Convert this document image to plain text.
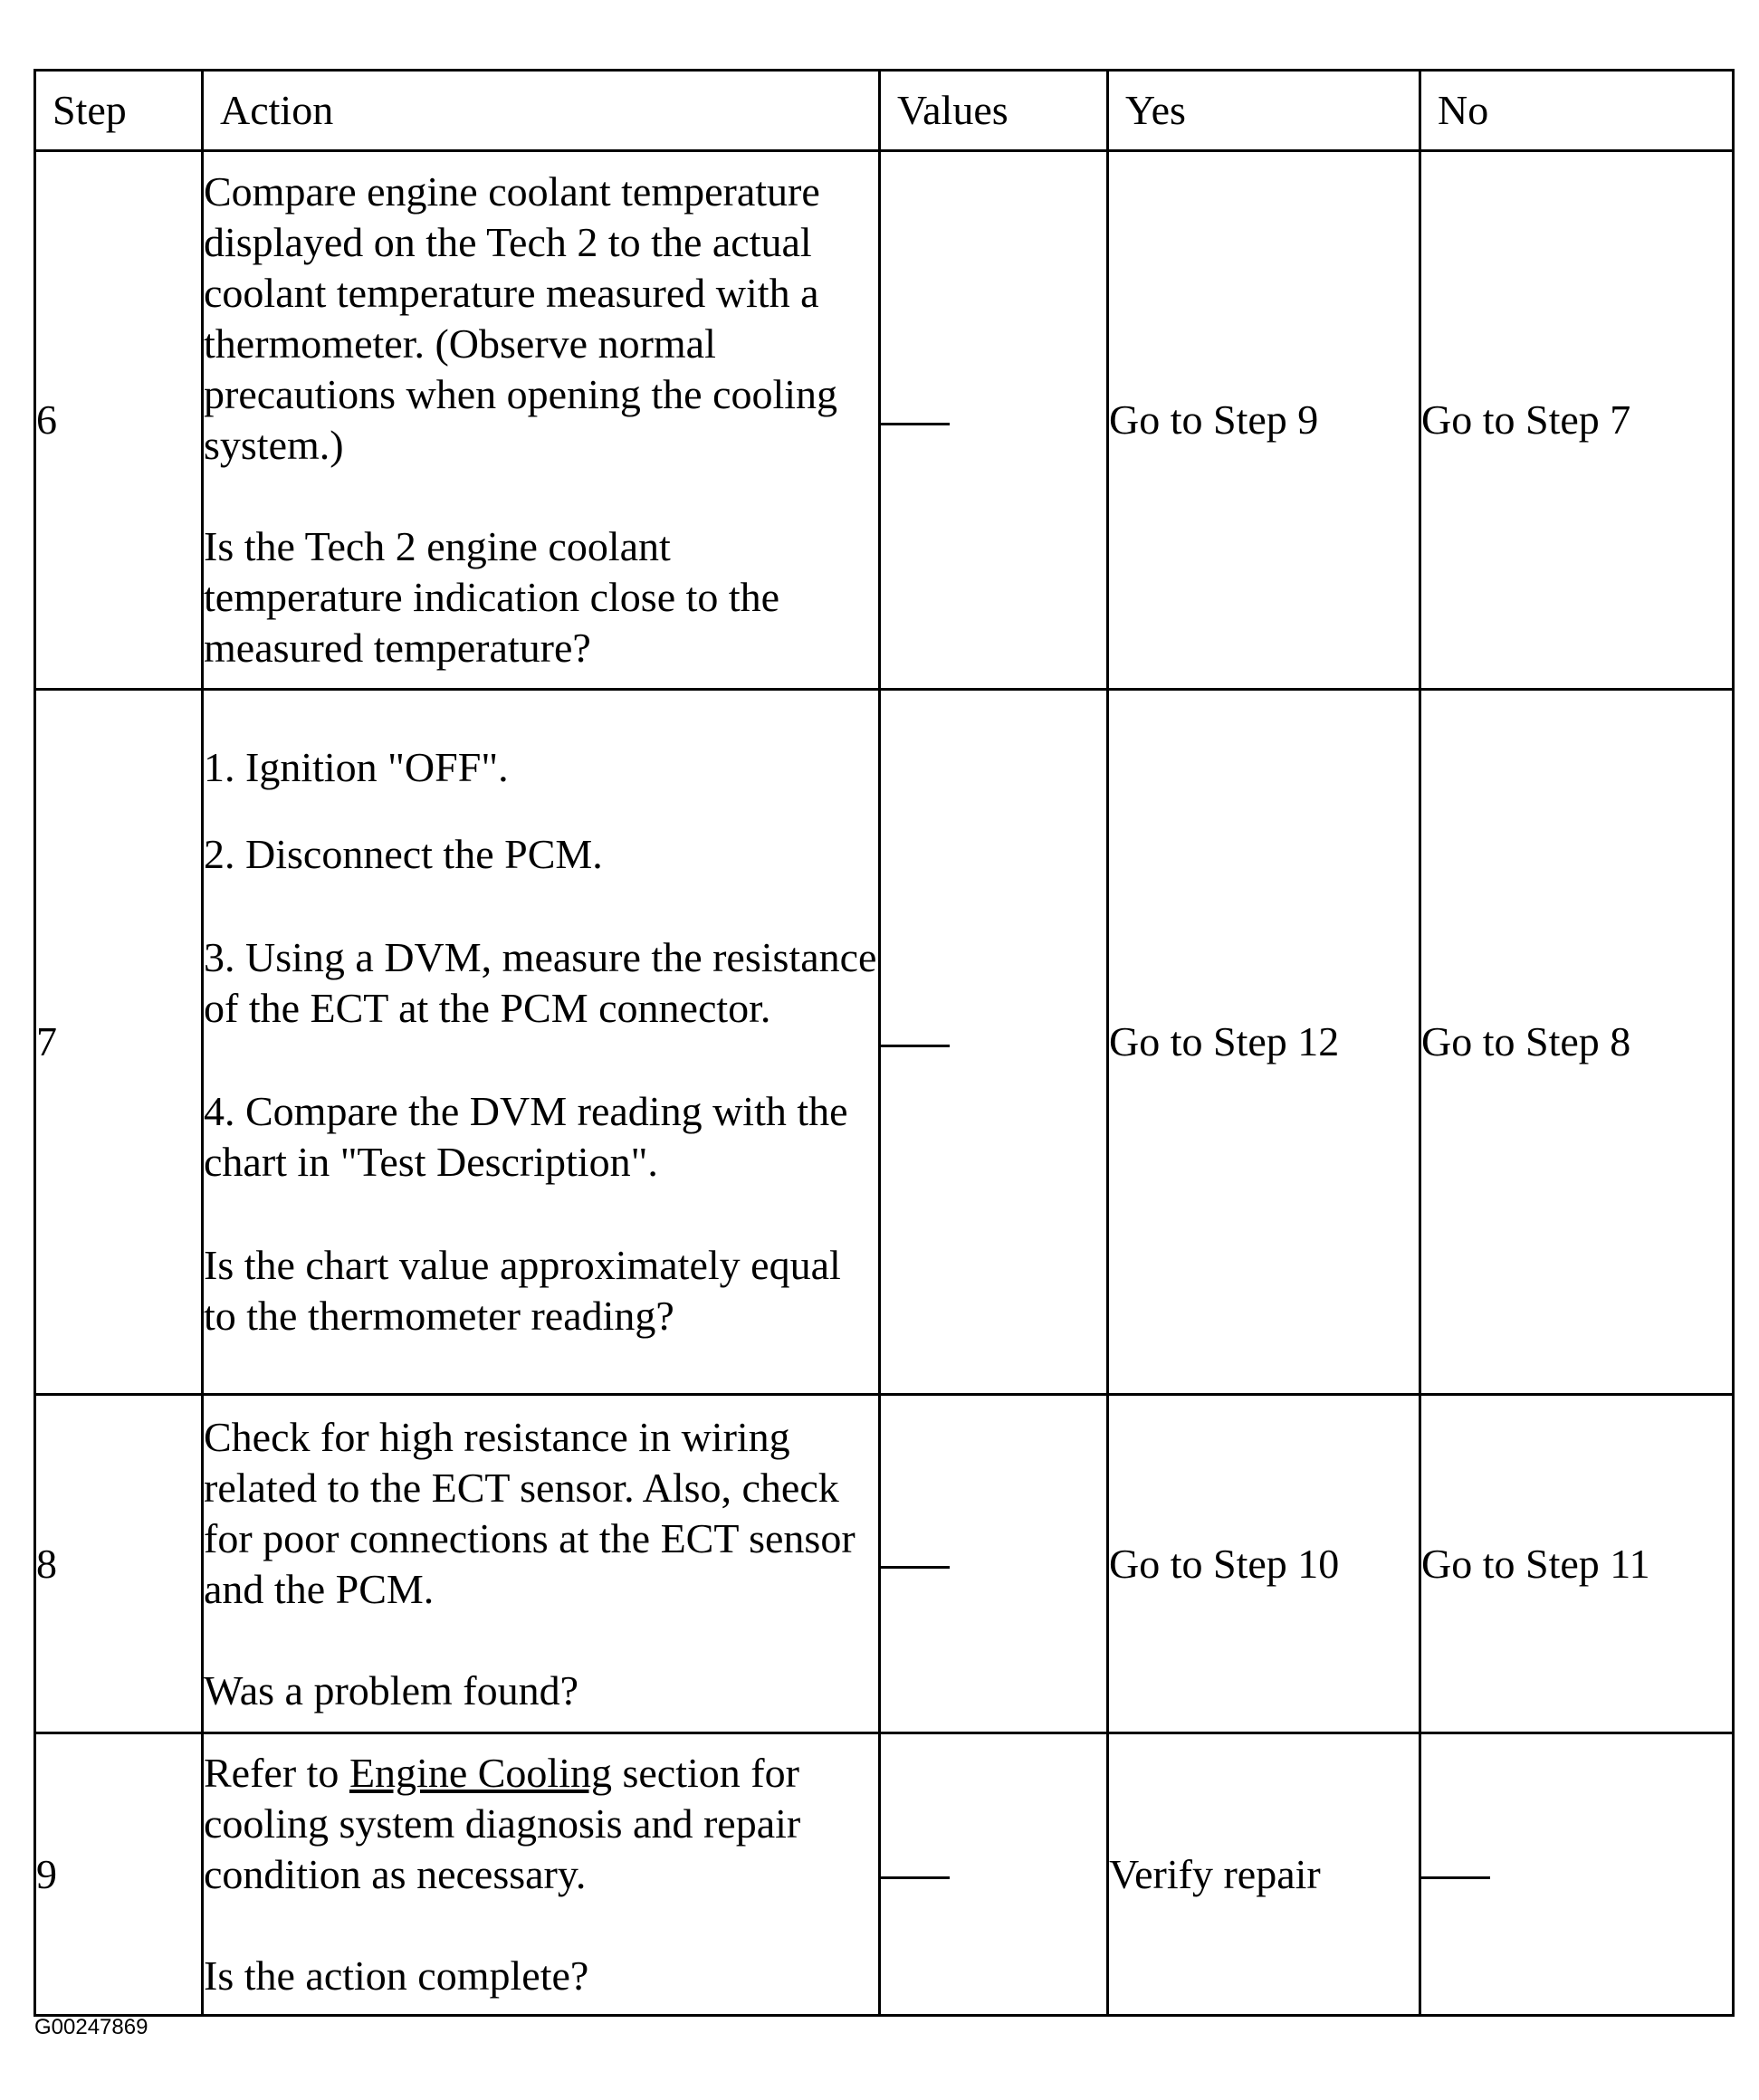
Step	Action	Values	Yes	No
6	Compare engine coolant temperature displayed on the Tech 2 to the actual coolant temperature measured with a thermometer. (Observe normal precautions when opening the cooling system.)

Is the Tech 2 engine coolant temperature indication close to the measured temperature?		Go to Step 9	Go to Step 7
7	1. Ignition "OFF".

2. Disconnect the PCM.

3. Using a DVM, measure the resistance of the ECT at the PCM connector.

4. Compare the DVM reading with the chart in "Test Description".

Is the chart value approximately equal to the thermometer reading?		Go to Step 12	Go to Step 8
8	Check for high resistance in wiring related to the ECT sensor. Also, check for poor connections at the ECT sensor and the PCM.

Was a problem found?		Go to Step 10	Go to Step 11
9	Refer to Engine Cooling section for cooling system diagnosis and repair condition as necessary.

Is the action complete?		Verify repair	
G00247869
